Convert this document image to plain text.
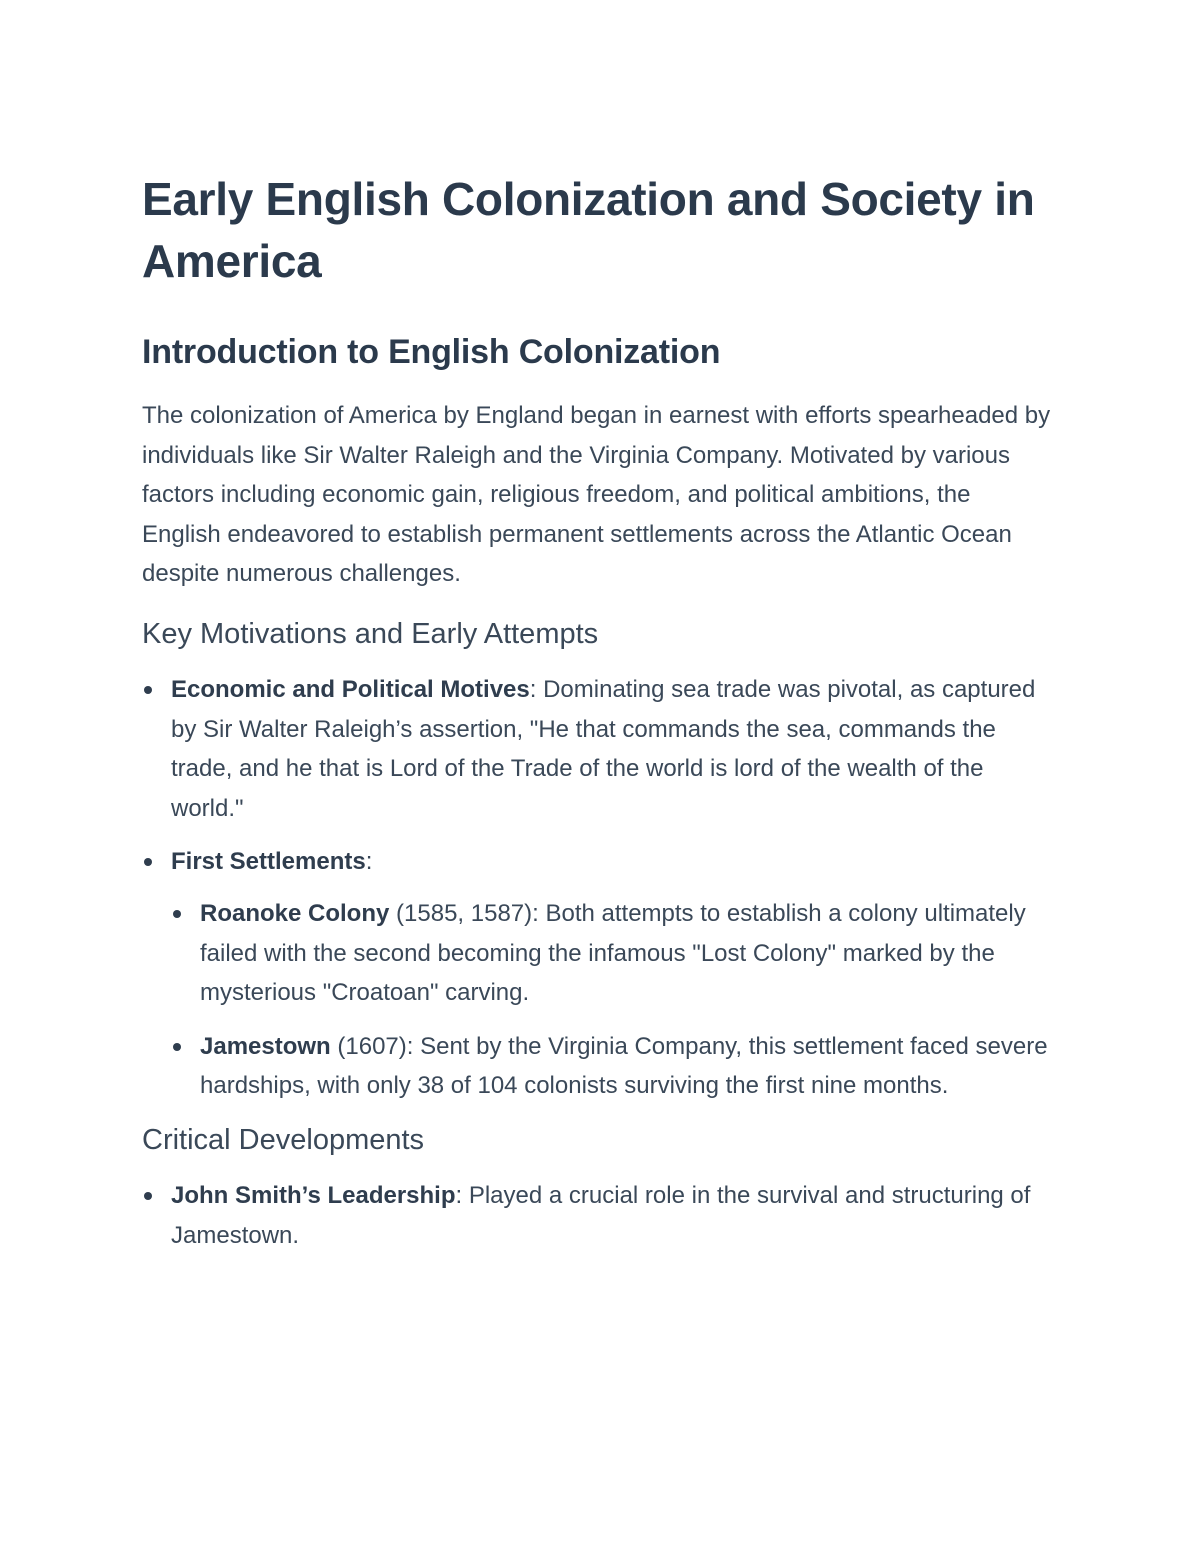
Early English Colonization and Society in America
Introduction to English Colonization

The colonization of America by England began in earnest with efforts spearheaded by individuals like Sir Walter Raleigh and the Virginia Company. Motivated by various factors including economic gain, religious freedom, and political ambitions, the English endeavored to establish permanent settlements across the Atlantic Ocean despite numerous challenges.

Key Motivations and Early Attempts
Economic and Political Motives: Dominating sea trade was pivotal, as captured by Sir Walter Raleigh’s assertion, "He that commands the sea, commands the trade, and he that is Lord of the Trade of the world is lord of the wealth of the world."
First Settlements:
Roanoke Colony (1585, 1587): Both attempts to establish a colony ultimately failed with the second becoming the infamous "Lost Colony" marked by the mysterious "Croatoan" carving.
Jamestown (1607): Sent by the Virginia Company, this settlement faced severe hardships, with only 38 of 104 colonists surviving the first nine months.
Critical Developments
John Smith’s Leadership: Played a crucial role in the survival and structuring of Jamestown.
